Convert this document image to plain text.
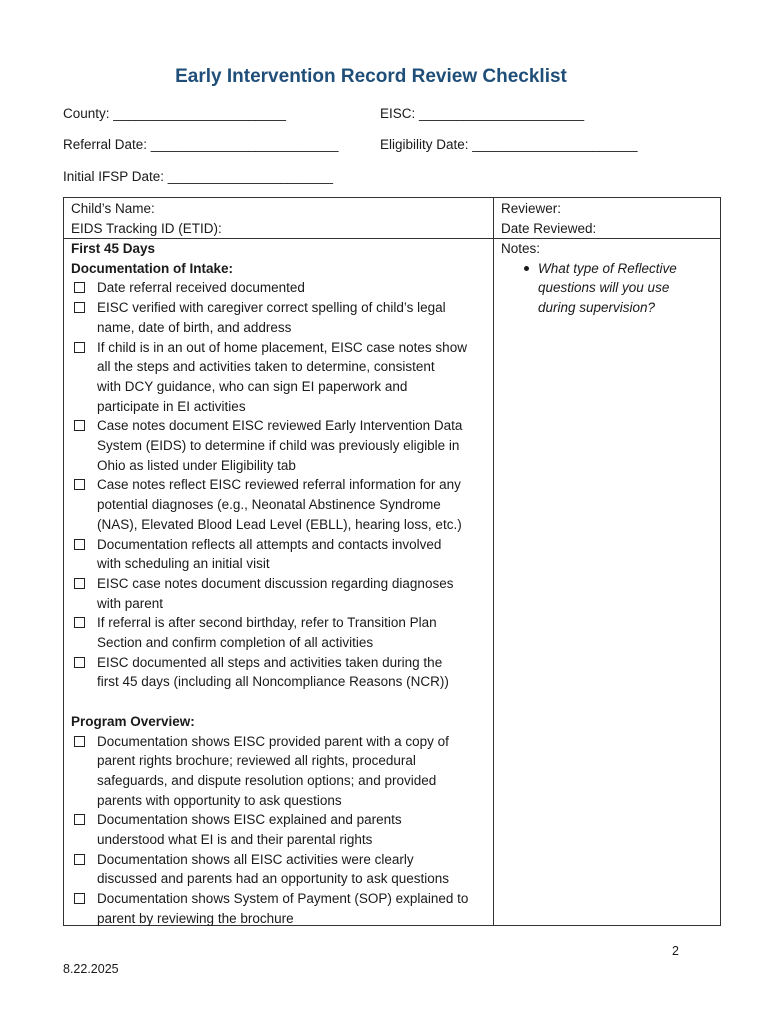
Early Intervention Record Review Checklist
County: _______________________	EISC: ______________________
Referral Date: _________________________	Eligibility Date: ______________________
Initial IFSP Date: ______________________
Child’s Name:
EIDS Tracking ID (ETID):
Reviewer:
Date Reviewed:
First 45 Days
Documentation of Intake:
Date referral received documented
EISC verified with caregiver correct spelling of child’s legal
name, date of birth, and address
If child is in an out of home placement, EISC case notes show
all the steps and activities taken to determine, consistent
with DCY guidance, who can sign EI paperwork and
participate in EI activities
Case notes document EISC reviewed Early Intervention Data
System (EIDS) to determine if child was previously eligible in
Ohio as listed under Eligibility tab
Case notes reflect EISC reviewed referral information for any
potential diagnoses (e.g., Neonatal Abstinence Syndrome
(NAS), Elevated Blood Lead Level (EBLL), hearing loss, etc.)
Documentation reflects all attempts and contacts involved
with scheduling an initial visit
EISC case notes document discussion regarding diagnoses
with parent
If referral is after second birthday, refer to Transition Plan
Section and confirm completion of all activities
EISC documented all steps and activities taken during the
first 45 days (including all Noncompliance Reasons (NCR))
Program Overview:
Documentation shows EISC provided parent with a copy of
parent rights brochure; reviewed all rights, procedural
safeguards, and dispute resolution options; and provided
parents with opportunity to ask questions
Documentation shows EISC explained and parents
understood what EI is and their parental rights
Documentation shows all EISC activities were clearly
discussed and parents had an opportunity to ask questions
Documentation shows System of Payment (SOP) explained to
parent by reviewing the brochure
Notes:
What type of Reflective
questions will you use
during supervision?
2
8.22.2025
